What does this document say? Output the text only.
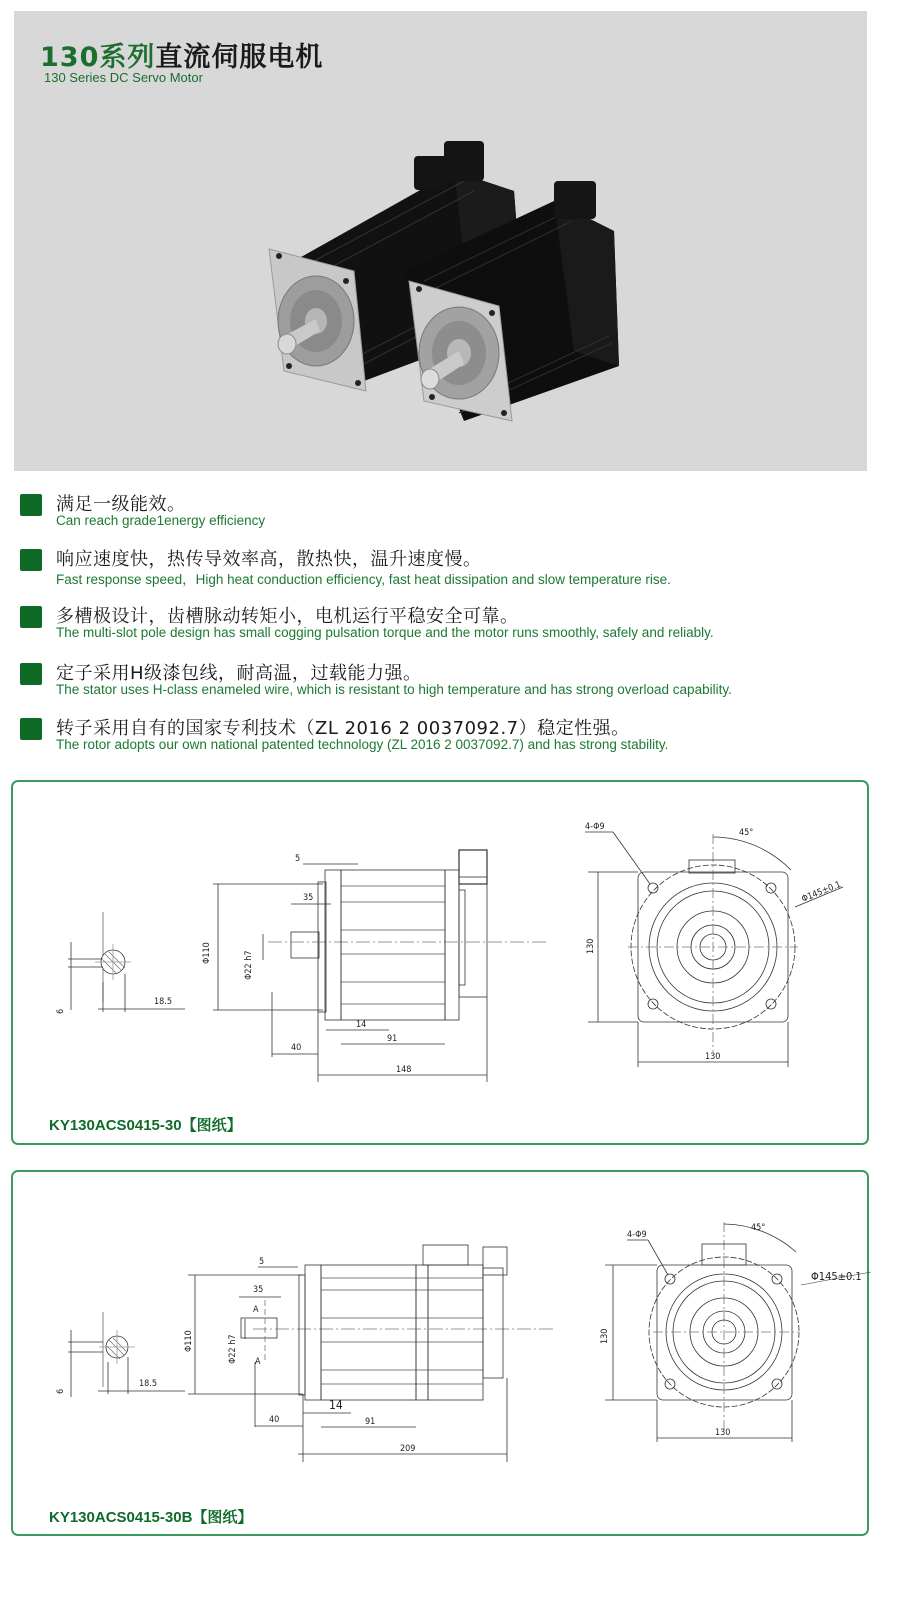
130系列直流伺服电机
130 Series DC Servo Motor
满足一级能效。
Can reach grade1energy efficiency
响应速度快，热传导效率高，散热快，温升速度慢。
Fast response speed，High heat conduction efficiency, fast heat dissipation and slow temperature rise.
多槽极设计，齿槽脉动转矩小，电机运行平稳安全可靠。
The multi-slot pole design has small cogging pulsation torque and the motor runs smoothly, safely and reliably.
定子采用H级漆包线，耐高温，过载能力强。
The stator uses H-class enameled wire, which is resistant to high temperature and has strong overload capability.
转子采用自有的国家专利技术（ZL 2016 2 0037092.7）稳定性强。
The rotor adopts our own national patented technology (ZL 2016 2 0037092.7) and has strong stability.
18.5
6
Φ110	Φ22 h7
35
5
40
14
91
148
4-Φ9
45°
Φ145±0.1
130
130
KY130ACS0415-30【图纸】
18.5
6
Φ110	Φ22 h7
A
A
35
5
40
14
91
209
4-Φ9
45°
Φ145±0.1
130
130
KY130ACS0415-30B【图纸】
